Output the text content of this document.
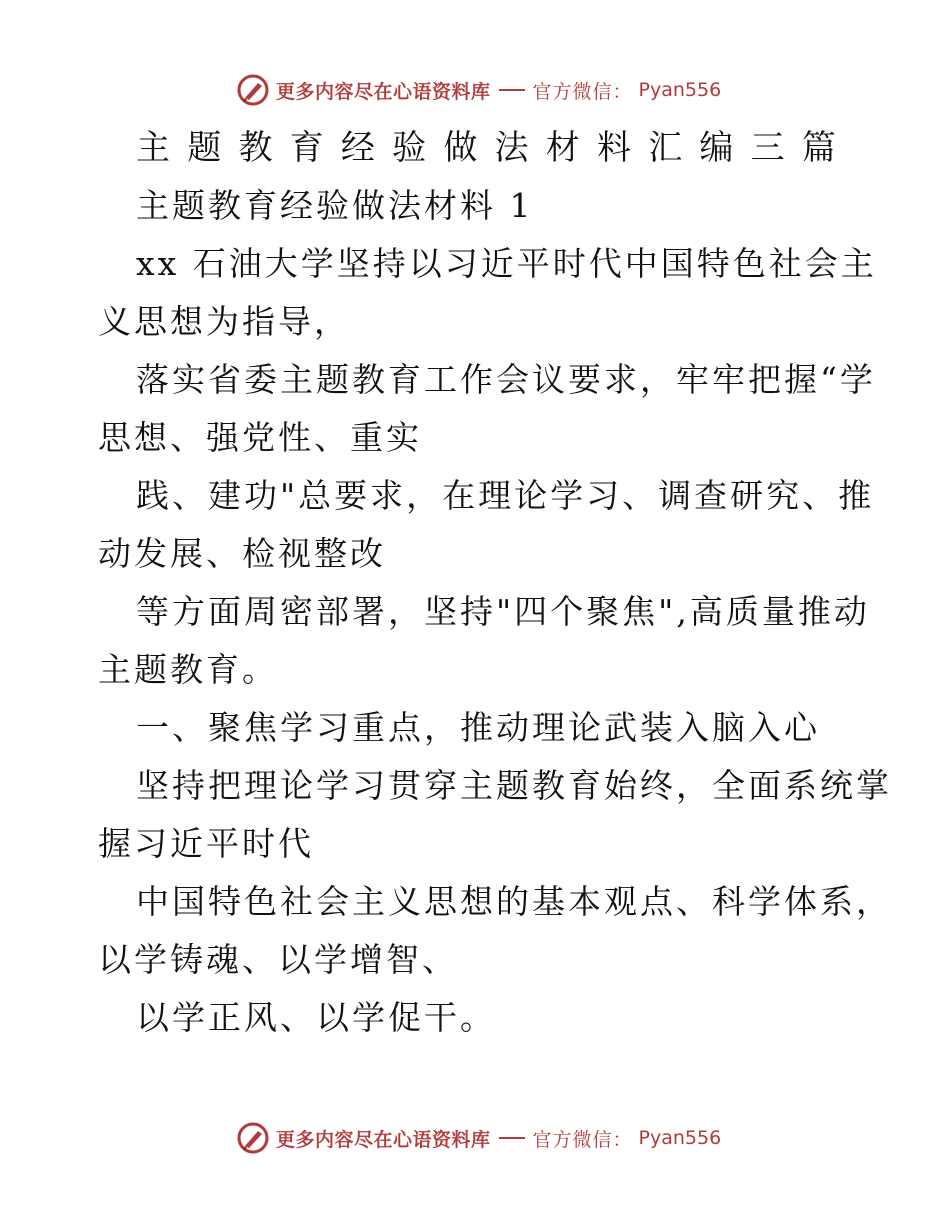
更多内容尽在心语资料库 官方微信： Pyan556
主 题 教 育 经 验 做 法 材 料 汇 编 三 篇
主题教育经验做法材料 1
xx 石油大学坚持以习近平时代中国特色社会主
义思想为指导，
落实省委主题教育工作会议要求，牢牢把握“学
思想、强党性、重实
践、建功"总要求，在理论学习、调查研究、推
动发展、检视整改
等方面周密部署，坚持"四个聚焦",高质量推动
主题教育。
一、聚焦学习重点，推动理论武装入脑入心
坚持把理论学习贯穿主题教育始终，全面系统掌
握习近平时代
中国特色社会主义思想的基本观点、科学体系，
以学铸魂、以学增智、
以学正风、以学促干。
更多内容尽在心语资料库 官方微信： Pyan556
